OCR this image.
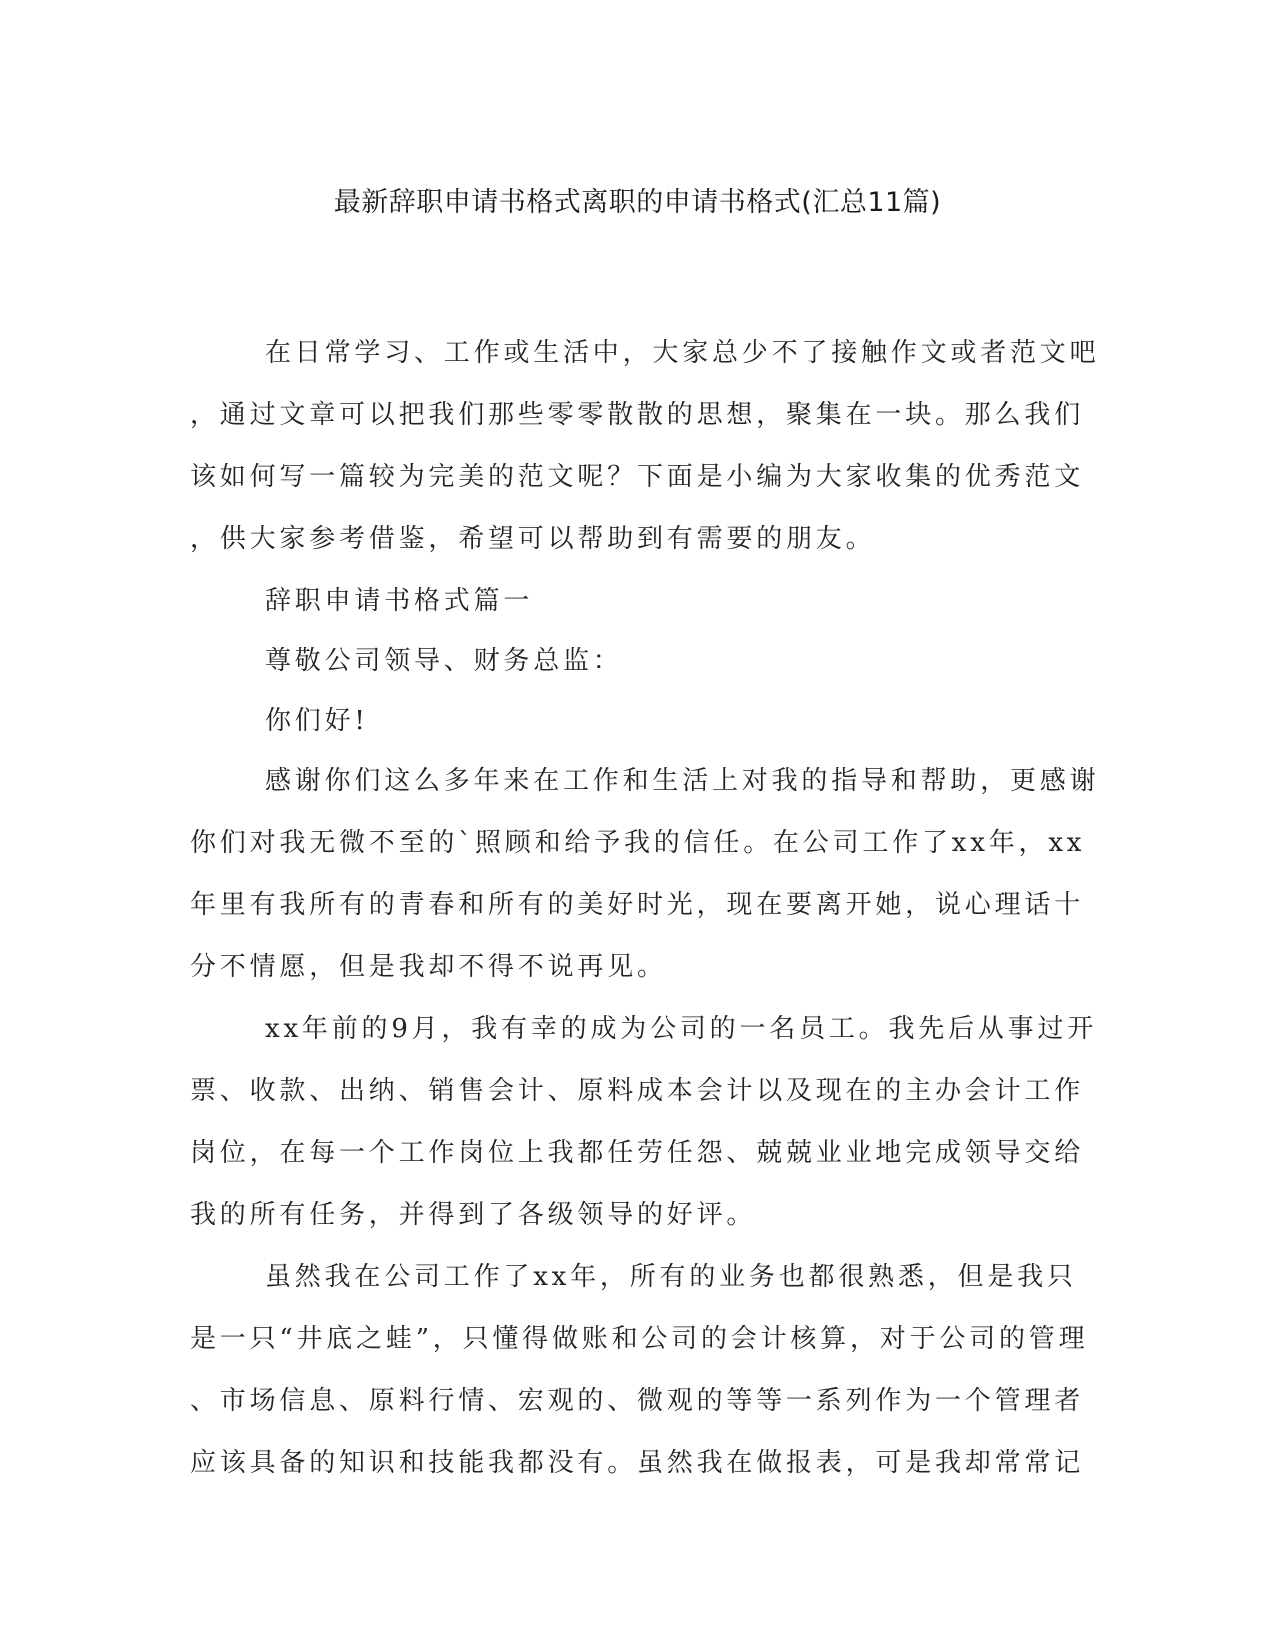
最新辞职申请书格式离职的申请书格式(汇总11篇)
在日常学习、工作或生活中，大家总少不了接触作文或者范文吧
，通过文章可以把我们那些零零散散的思想，聚集在一块。那么我们
该如何写一篇较为完美的范文呢？下面是小编为大家收集的优秀范文
，供大家参考借鉴，希望可以帮助到有需要的朋友。
辞职申请书格式篇一
尊敬公司领导、财务总监：
你们好!
感谢你们这么多年来在工作和生活上对我的指导和帮助，更感谢
你们对我无微不至的`照顾和给予我的信任。在公司工作了xx年，xx
年里有我所有的青春和所有的美好时光，现在要离开她，说心理话十
分不情愿，但是我却不得不说再见。
xx年前的9月，我有幸的成为公司的一名员工。我先后从事过开
票、收款、出纳、销售会计、原料成本会计以及现在的主办会计工作
岗位，在每一个工作岗位上我都任劳任怨、兢兢业业地完成领导交给
我的所有任务，并得到了各级领导的好评。
虽然我在公司工作了xx年，所有的业务也都很熟悉，但是我只
是一只“井底之蛙”，只懂得做账和公司的会计核算，对于公司的管理
、市场信息、原料行情、宏观的、微观的等等一系列作为一个管理者
应该具备的知识和技能我都没有。虽然我在做报表，可是我却常常记
